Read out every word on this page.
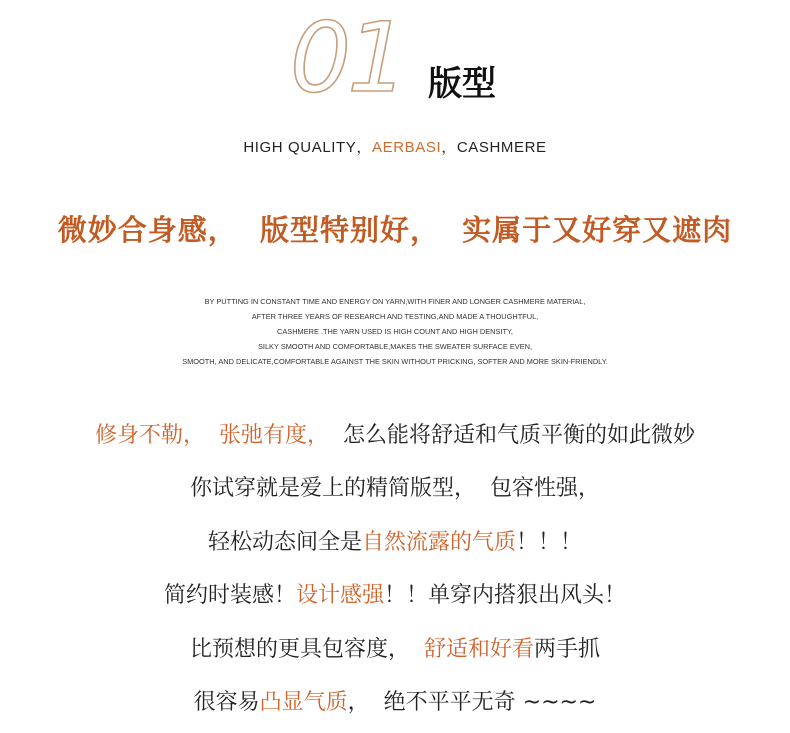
01 版型
HIGH QUALITY，AERBASI，CASHMERE
微妙合身感，  版型特别好，  实属于又好穿又遮肉
BY PUTTING IN CONSTANT TIME AND ENERGY ON YARN,WITH FINER AND LONGER CASHMERE MATERIAL,
AFTER THREE YEARS OF RESEARCH AND TESTING,AND MADE A THOUGHTFUL,
CASHMERE .THE YARN USED IS HIGH COUNT AND HIGH DENSITY,
SILKY SMOOTH AND COMFORTABLE,MAKES THE SWEATER SURFACE EVEN,
SMOOTH, AND DELICATE,COMFORTABLE AGAINST THE SKIN WITHOUT PRICKING, SOFTER AND MORE SKIN-FRIENDLY.
修身不勒，  张弛有度，  怎么能将舒适和气质平衡的如此微妙
你试穿就是爱上的精简版型，  包容性强，
轻松动态间全是自然流露的气质！！！
简约时装感！设计感强！！单穿内搭狠出风头！
比预想的更具包容度，  舒适和好看两手抓
很容易凸显气质，  绝不平平无奇 ~~~~
